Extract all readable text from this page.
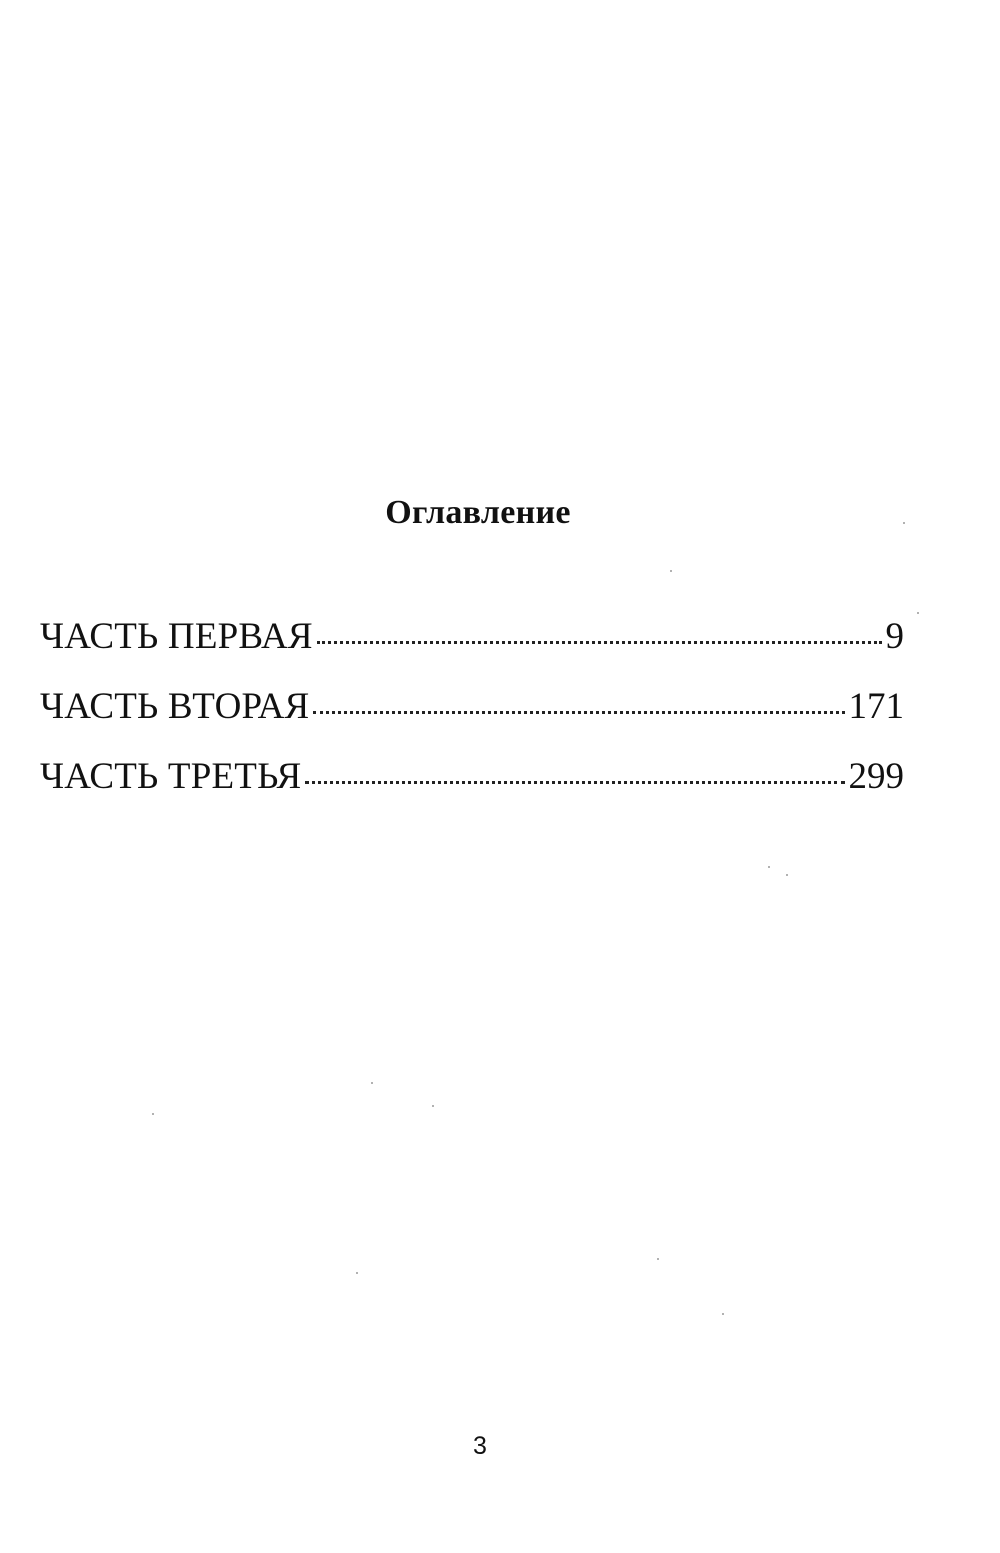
Оглавление
ЧАСТЬ ПЕРВАЯ	9
ЧАСТЬ ВТОРАЯ	171
ЧАСТЬ ТРЕТЬЯ	299
3
